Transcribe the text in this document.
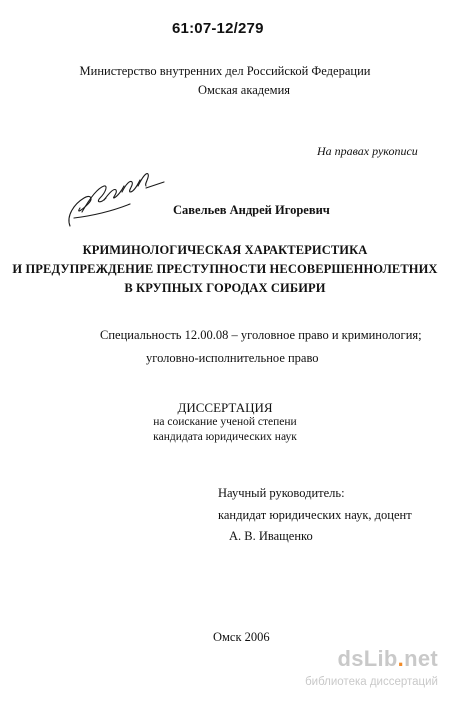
61:07-12/279
Министерство внутренних дел Российской Федерации
Омская академия
На правах рукописи
Савельев Андрей Игоревич
КРИМИНОЛОГИЧЕСКАЯ ХАРАКТЕРИСТИКА
И ПРЕДУПРЕЖДЕНИЕ ПРЕСТУПНОСТИ НЕСОВЕРШЕННОЛЕТНИХ
В КРУПНЫХ ГОРОДАХ СИБИРИ
Специальность 12.00.08 – уголовное право и криминология;
уголовно-исполнительное право
ДИССЕРТАЦИЯ
на соискание ученой степени
кандидата юридических наук
Научный руководитель:
кандидат юридических наук, доцент
А. В. Иващенко
Омск 2006
dsLib.net
библиотека диссертаций
